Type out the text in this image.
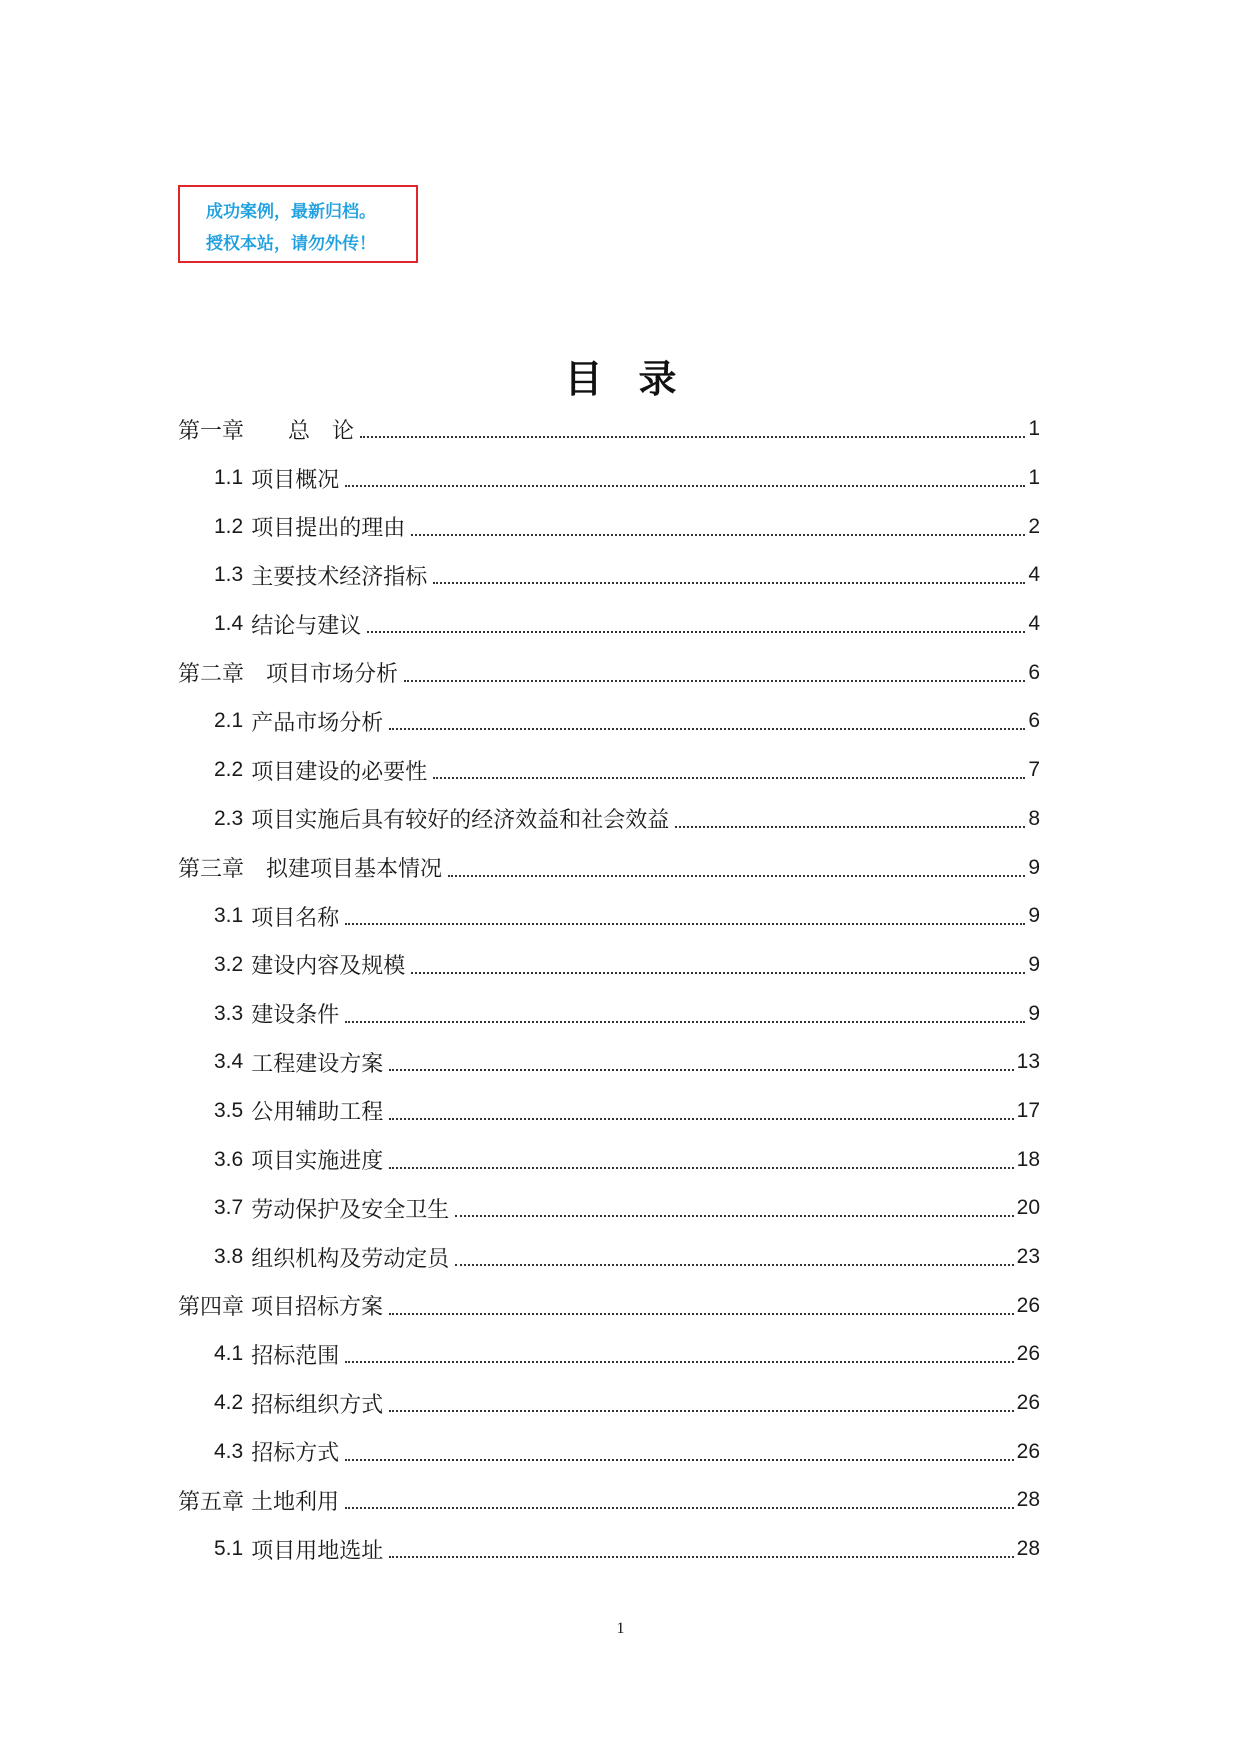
成功案例，最新归档。
授权本站，请勿外传！
目录
第一章　　总　论	1
1.1 项目概况	1
1.2 项目提出的理由	2
1.3 主要技术经济指标	4
1.4 结论与建议	4
第二章　项目市场分析	6
2.1 产品市场分析	6
2.2 项目建设的必要性	7
2.3 项目实施后具有较好的经济效益和社会效益	8
第三章　拟建项目基本情况	9
3.1 项目名称	9
3.2 建设内容及规模	9
3.3 建设条件	9
3.4 工程建设方案	13
3.5 公用辅助工程	17
3.6 项目实施进度	18
3.7 劳动保护及安全卫生	20
3.8 组织机构及劳动定员	23
第四章 项目招标方案	26
4.1 招标范围	26
4.2 招标组织方式	26
4.3 招标方式	26
第五章 土地利用	28
5.1 项目用地选址	28
1
